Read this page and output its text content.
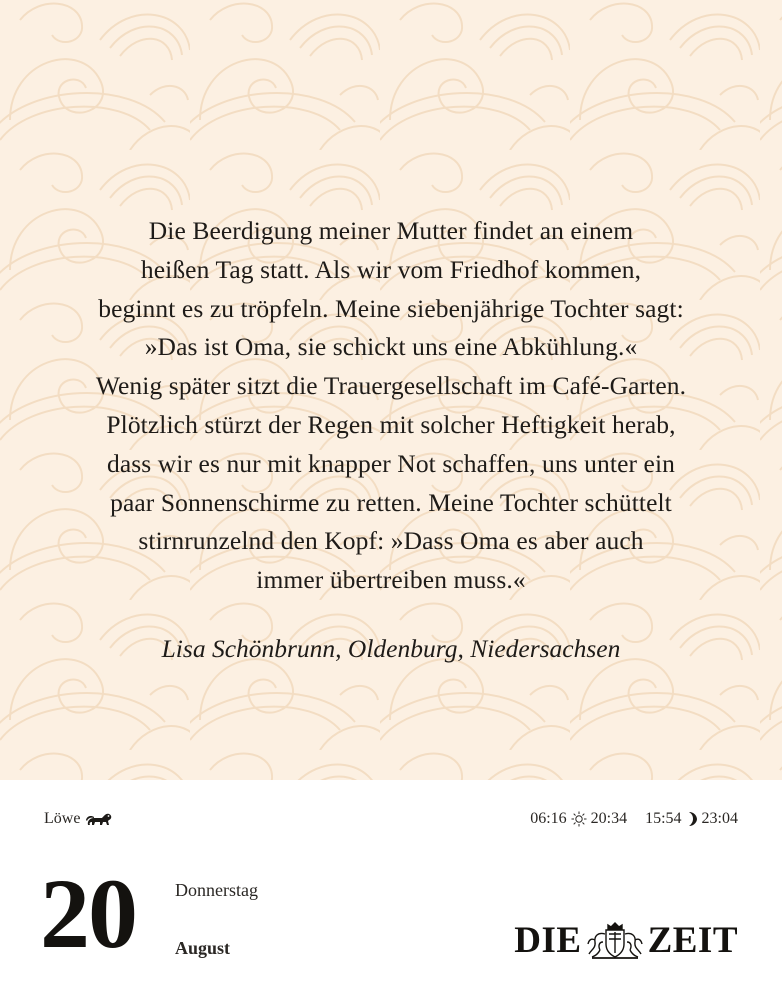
Die Beerdigung meiner Mutter findet an einem
heißen Tag statt. Als wir vom Friedhof kommen,
beginnt es zu tröpfeln. Meine siebenjährige Tochter sagt:
»Das ist Oma, sie schickt uns eine Abkühlung.«
Wenig später sitzt die Trauergesellschaft im Café-Garten.
Plötzlich stürzt der Regen mit solcher Heftigkeit herab,
dass wir es nur mit knapper Not schaffen, uns unter ein
paar Sonnenschirme zu retten. Meine Tochter schüttelt
stirnrunzelnd den Kopf: »Dass Oma es aber auch
immer übertreiben muss.«
Lisa Schönbrunn, Oldenburg, Niedersachsen
Löwe	06:16 20:34 15:54 23:04
20 Donnerstag
August	DIE ZEIT
